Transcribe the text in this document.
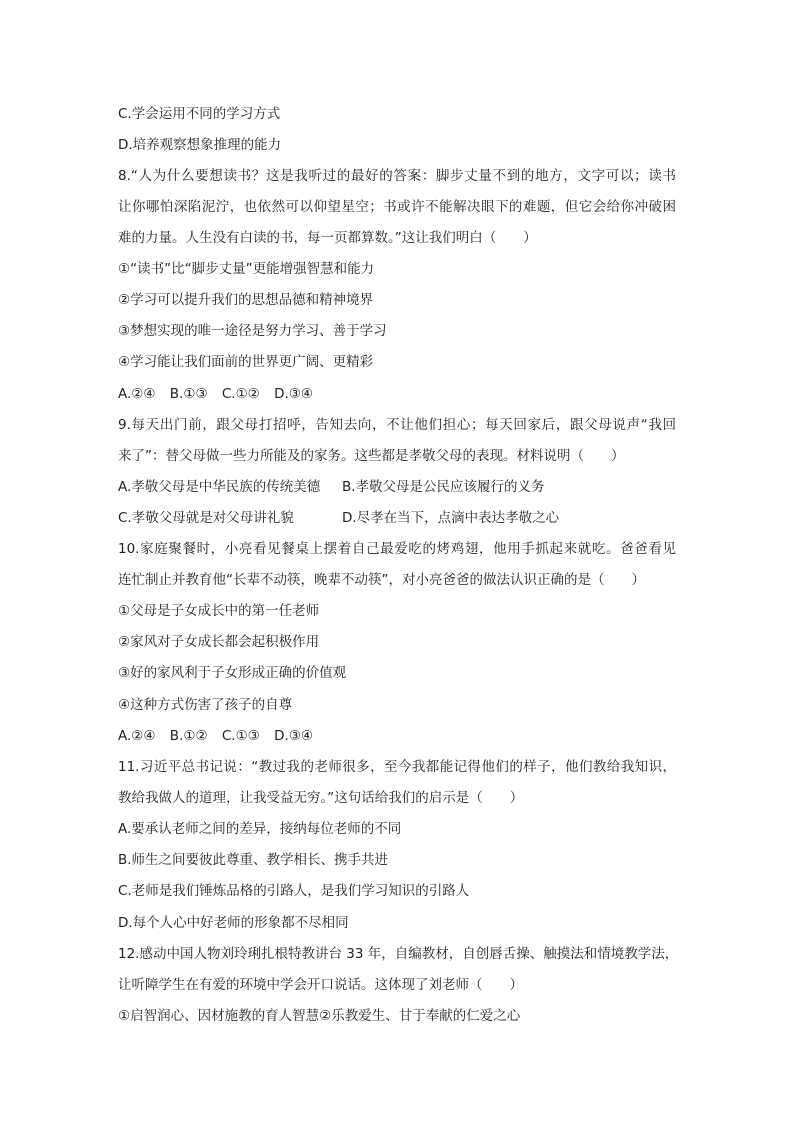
C.学会运用不同的学习方式
D.培养观察想象推理的能力
8.“人为什么要想读书？这是我听过的最好的答案：脚步丈量不到的地方，文字可以；读书
让你哪怕深陷泥泞，也依然可以仰望星空；书或许不能解决眼下的难题，但它会给你冲破困
难的力量。人生没有白读的书，每一页都算数。”这让我们明白（　　）
①“读书”比“脚步丈量”更能增强智慧和能力
②学习可以提升我们的思想品德和精神境界
③梦想实现的唯一途径是努力学习、善于学习
④学习能让我们面前的世界更广阔、更精彩
A.②④ B.①③ C.①② D.③④
9.每天出门前，跟父母打招呼，告知去向，不让他们担心；每天回家后，跟父母说声“我回
来了”：替父母做一些力所能及的家务。这些都是孝敬父母的表现。材料说明（　　）
A.孝敬父母是中华民族的传统美德 B.孝敬父母是公民应该履行的义务
C.孝敬父母就是对父母讲礼貌	D.尽孝在当下，点滴中表达孝敬之心
10.家庭聚餐时，小亮看见餐桌上摆着自己最爱吃的烤鸡翅，他用手抓起来就吃。爸爸看见
连忙制止并教育他“长辈不动筷，晚辈不动筷”，对小亮爸爸的做法认识正确的是（　　）
①父母是子女成长中的第一任老师
②家风对子女成长都会起积极作用
③好的家风利于子女形成正确的价值观
④这种方式伤害了孩子的自尊
A.②④ B.①② C.①③ D.③④
11.习近平总书记说：“教过我的老师很多，至今我都能记得他们的样子，他们教给我知识，
教给我做人的道理，让我受益无穷。”这句话给我们的启示是（　　）
A.要承认老师之间的差异，接纳每位老师的不同
B.师生之间要彼此尊重、教学相长、携手共进
C.老师是我们锤炼品格的引路人，是我们学习知识的引路人
D.每个人心中好老师的形象都不尽相同
12.感动中国人物刘玲琍扎根特教讲台 33 年，自编教材，自创唇舌操、触摸法和情境教学法，
让听障学生在有爱的环境中学会开口说话。这体现了刘老师（　　）
①启智润心、因材施教的育人智慧②乐教爱生、甘于奉献的仁爱之心
